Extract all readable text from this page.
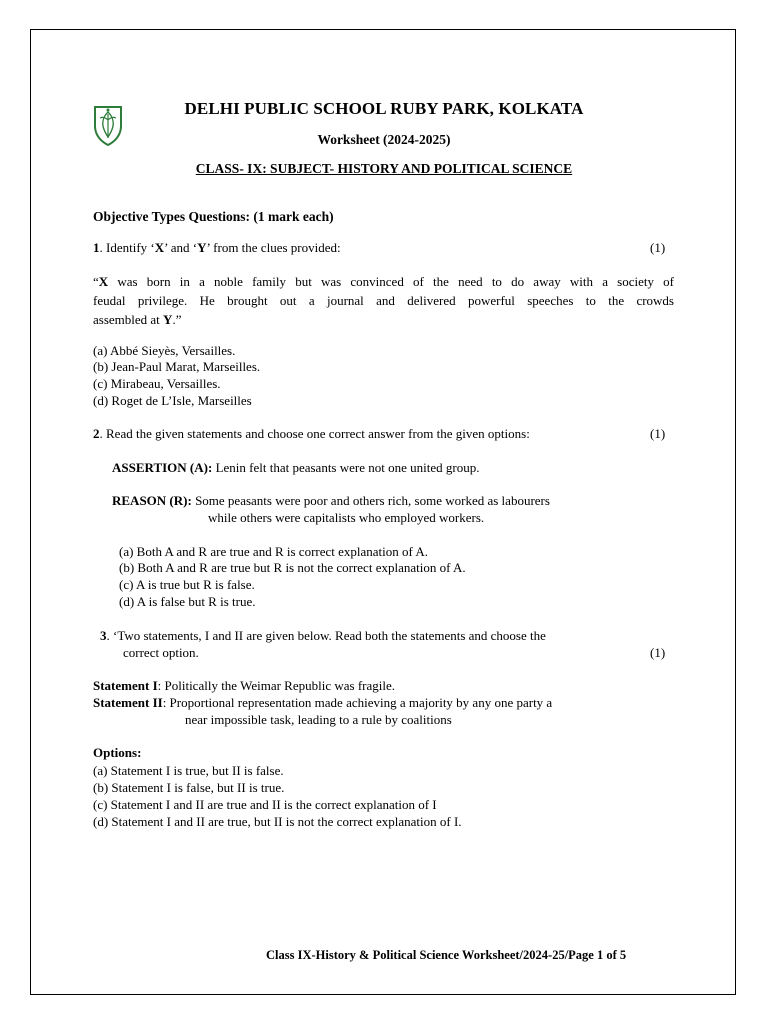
DELHI PUBLIC SCHOOL RUBY PARK, KOLKATA
Worksheet (2024-2025)
CLASS- IX: SUBJECT- HISTORY AND POLITICAL SCIENCE
Objective Types Questions: (1 mark each)
1. Identify ‘X’ and ‘Y’ from the clues provided:	(1)
“X was born in a noble family but was convinced of the need to do away with a society of
feudal privilege. He brought out a journal and delivered powerful speeches to the crowds
assembled at Y.”
(a) Abbé Sieyès, Versailles.
(b) Jean-Paul Marat, Marseilles.
(c) Mirabeau, Versailles.
(d) Roget de L’Isle, Marseilles
2. Read the given statements and choose one correct answer from the given options:	(1)
ASSERTION (A): Lenin felt that peasants were not one united group.
REASON (R): Some peasants were poor and others rich, some worked as labourers
while others were capitalists who employed workers.
(a) Both A and R are true and R is correct explanation of A.
(b) Both A and R are true but R is not the correct explanation of A.
(c) A is true but R is false.
(d) A is false but R is true.
3. ‘Two statements, I and II are given below. Read both the statements and choose the
correct option.	(1)
Statement I: Politically the Weimar Republic was fragile.
Statement II: Proportional representation made achieving a majority by any one party a
near impossible task, leading to a rule by coalitions
Options:
(a) Statement I is true, but II is false.
(b) Statement I is false, but II is true.
(c) Statement I and II are true and II is the correct explanation of I
(d) Statement I and II are true, but II is not the correct explanation of I.
Class IX-History & Political Science Worksheet/2024-25/Page 1 of 5
